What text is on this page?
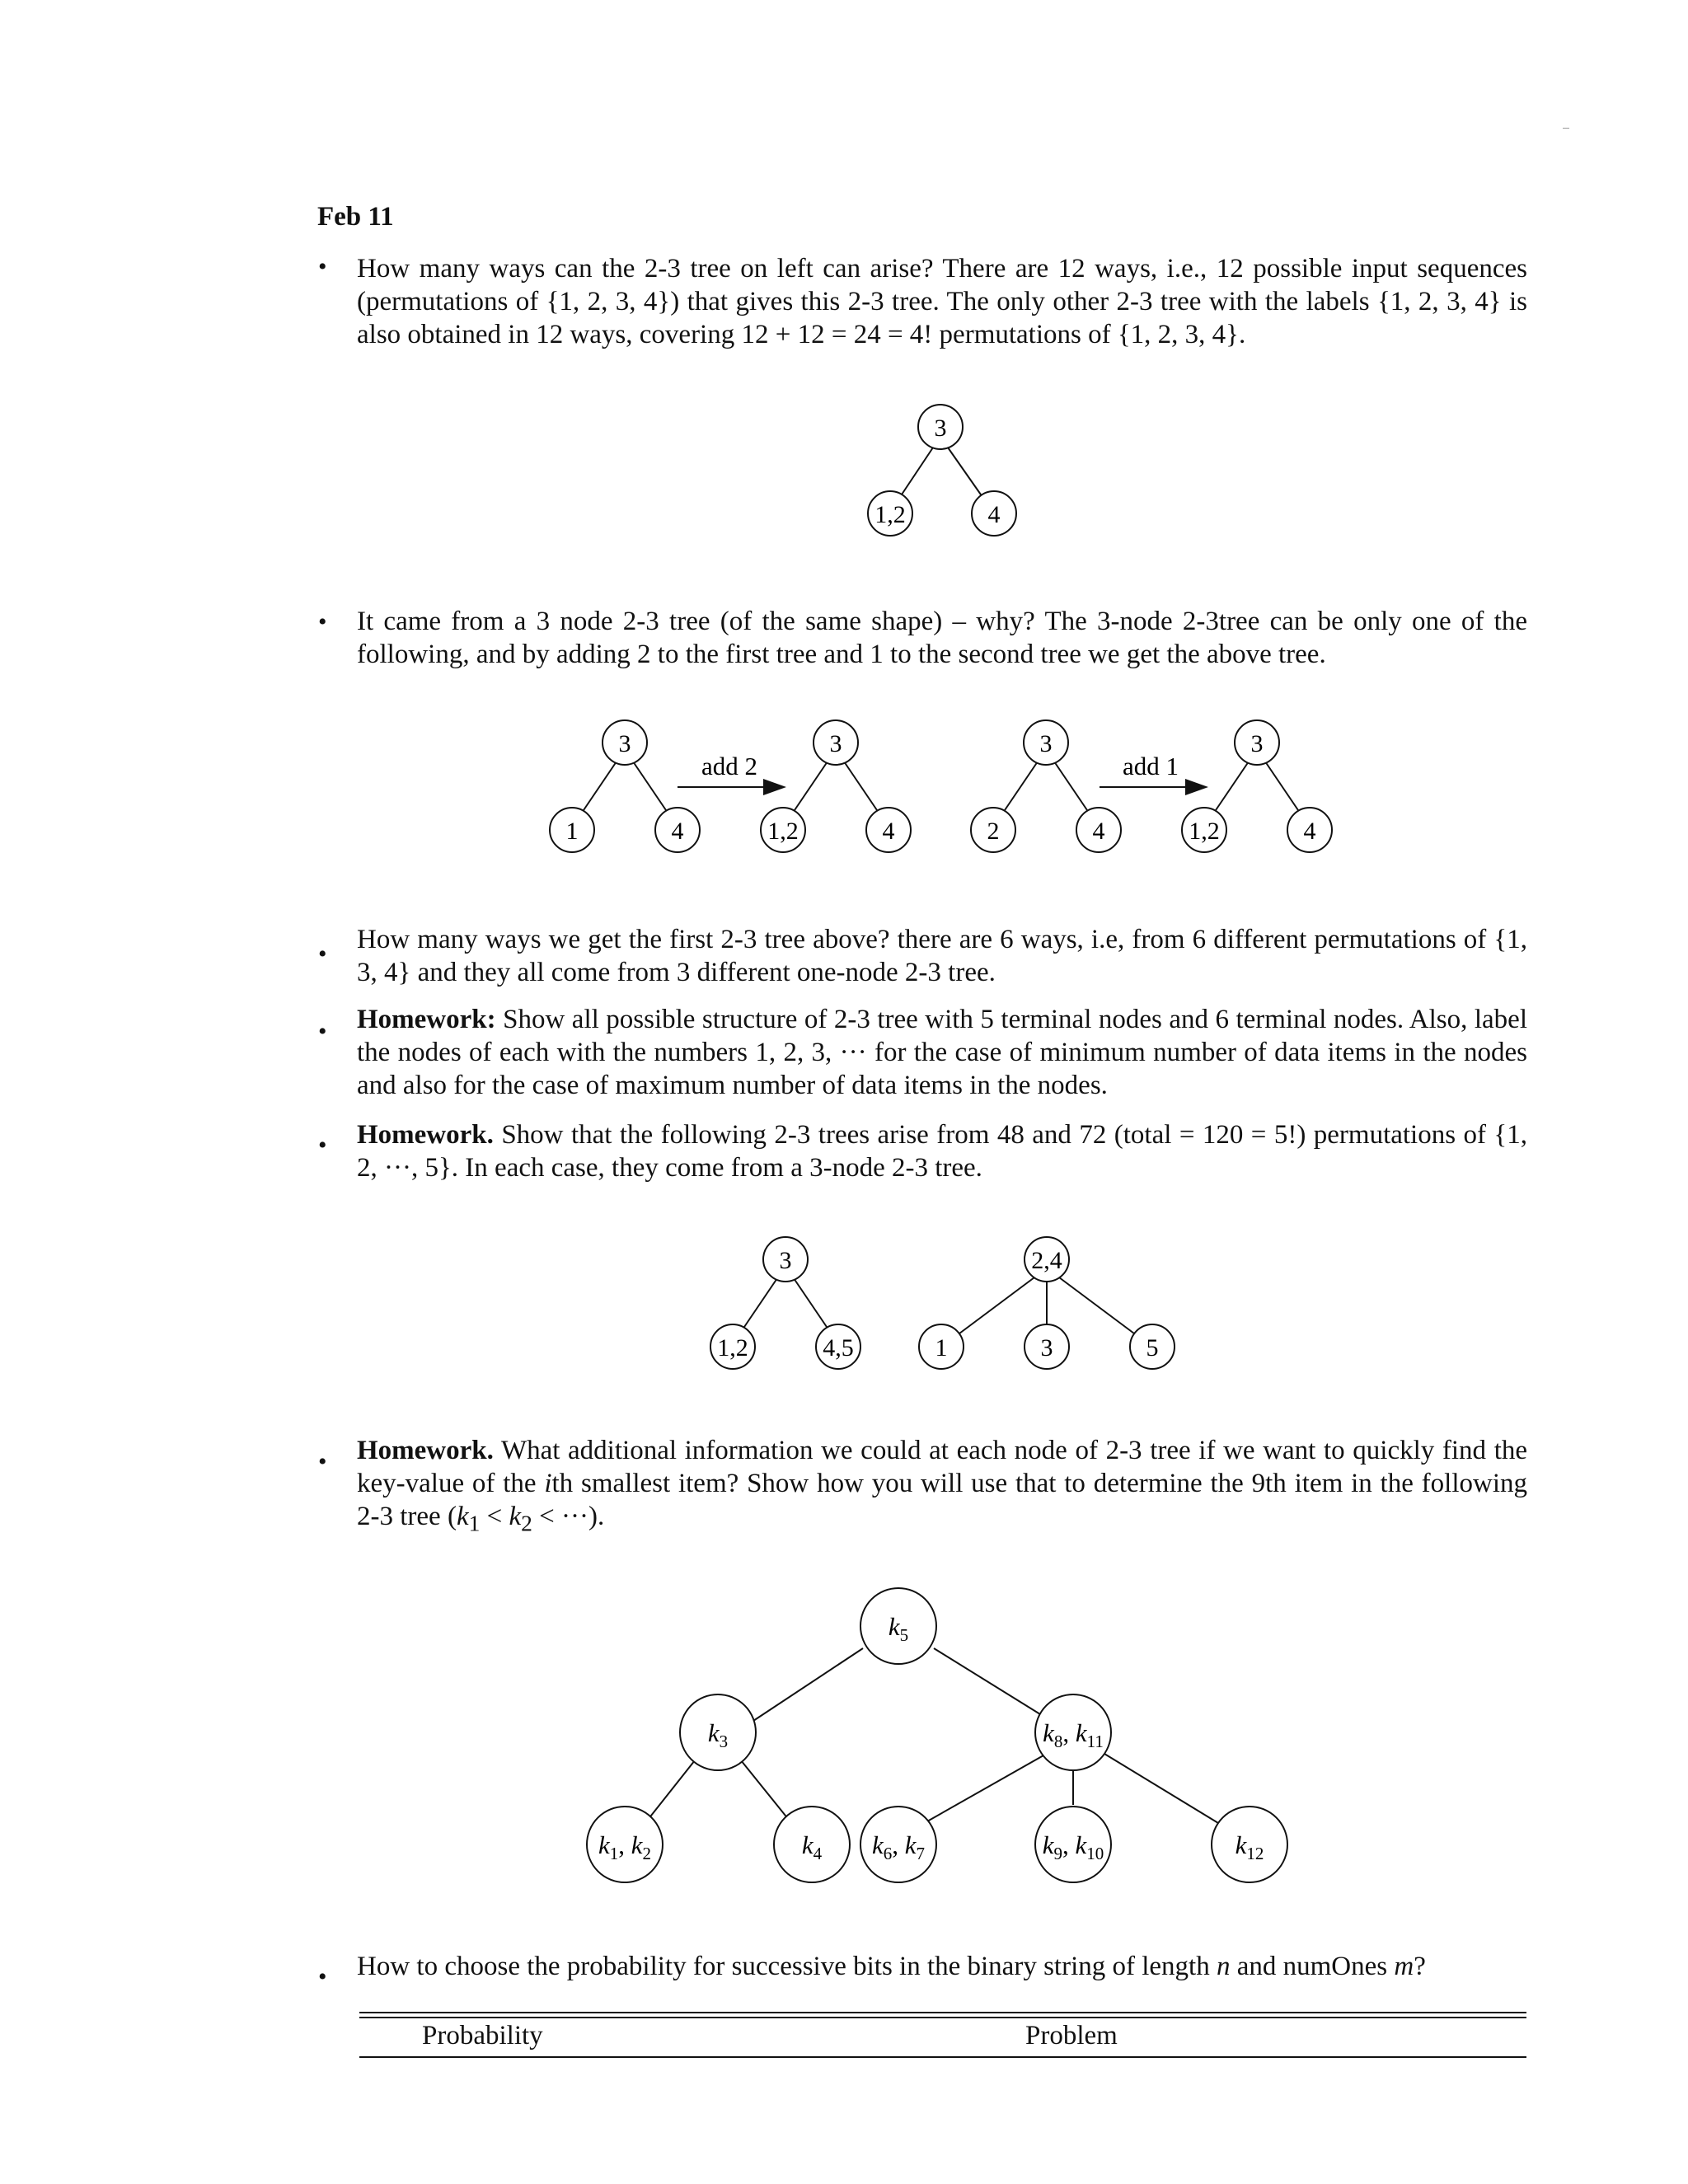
Feb 11
• How many ways can the 2-3 tree on left can arise? There are 12 ways, i.e., 12 possible input sequences (permutations of {1, 2, 3, 4}) that gives this 2-3 tree. The only other 2-3 tree with the labels {1, 2, 3, 4} is also obtained in 12 ways, covering 12 + 12 = 24 = 4! permutations of {1, 2, 3, 4}.
3
1,2	4
• It came from a 3 node 2-3 tree (of the same shape) – why? The 3-node 2-3tree can be only one of the following, and by adding 2 to the first tree and 1 to the second tree we get the above tree.
3
1	4
add 2
3
1,2	4
3
2	4
add 1
3
1,2	4
• How many ways we get the first 2-3 tree above? there are 6 ways, i.e, from 6 different permutations of {1, 3, 4} and they all come from 3 different one-node 2-3 tree.
• Homework: Show all possible structure of 2-3 tree with 5 terminal nodes and 6 terminal nodes. Also, label the nodes of each with the numbers 1, 2, 3, ··· for the case of minimum number of data items in the nodes and also for the case of maximum number of data items in the nodes.
• Homework. Show that the following 2-3 trees arise from 48 and 72 (total = 120 = 5!) permutations of {1, 2, ···, 5}. In each case, they come from a 3-node 2-3 tree.
3
1,2	4,5
2,4
1	3	5
• Homework. What additional information we could at each node of 2-3 tree if we want to quickly find the key-value of the ith smallest item? Show how you will use that to determine the 9th item in the following 2-3 tree ($k_1 < k_2$ < ···).
$k_5$
$k_3$	$k_8$, $k_{11}$
$k_1$, $k_2$	$k_4$ $k_6$, $k_7$	$k_9$, $k_{10}$	$k_{12}$
• How to choose the probability for successive bits in the binary string of length n and numOnes m?
Probability	Problem
